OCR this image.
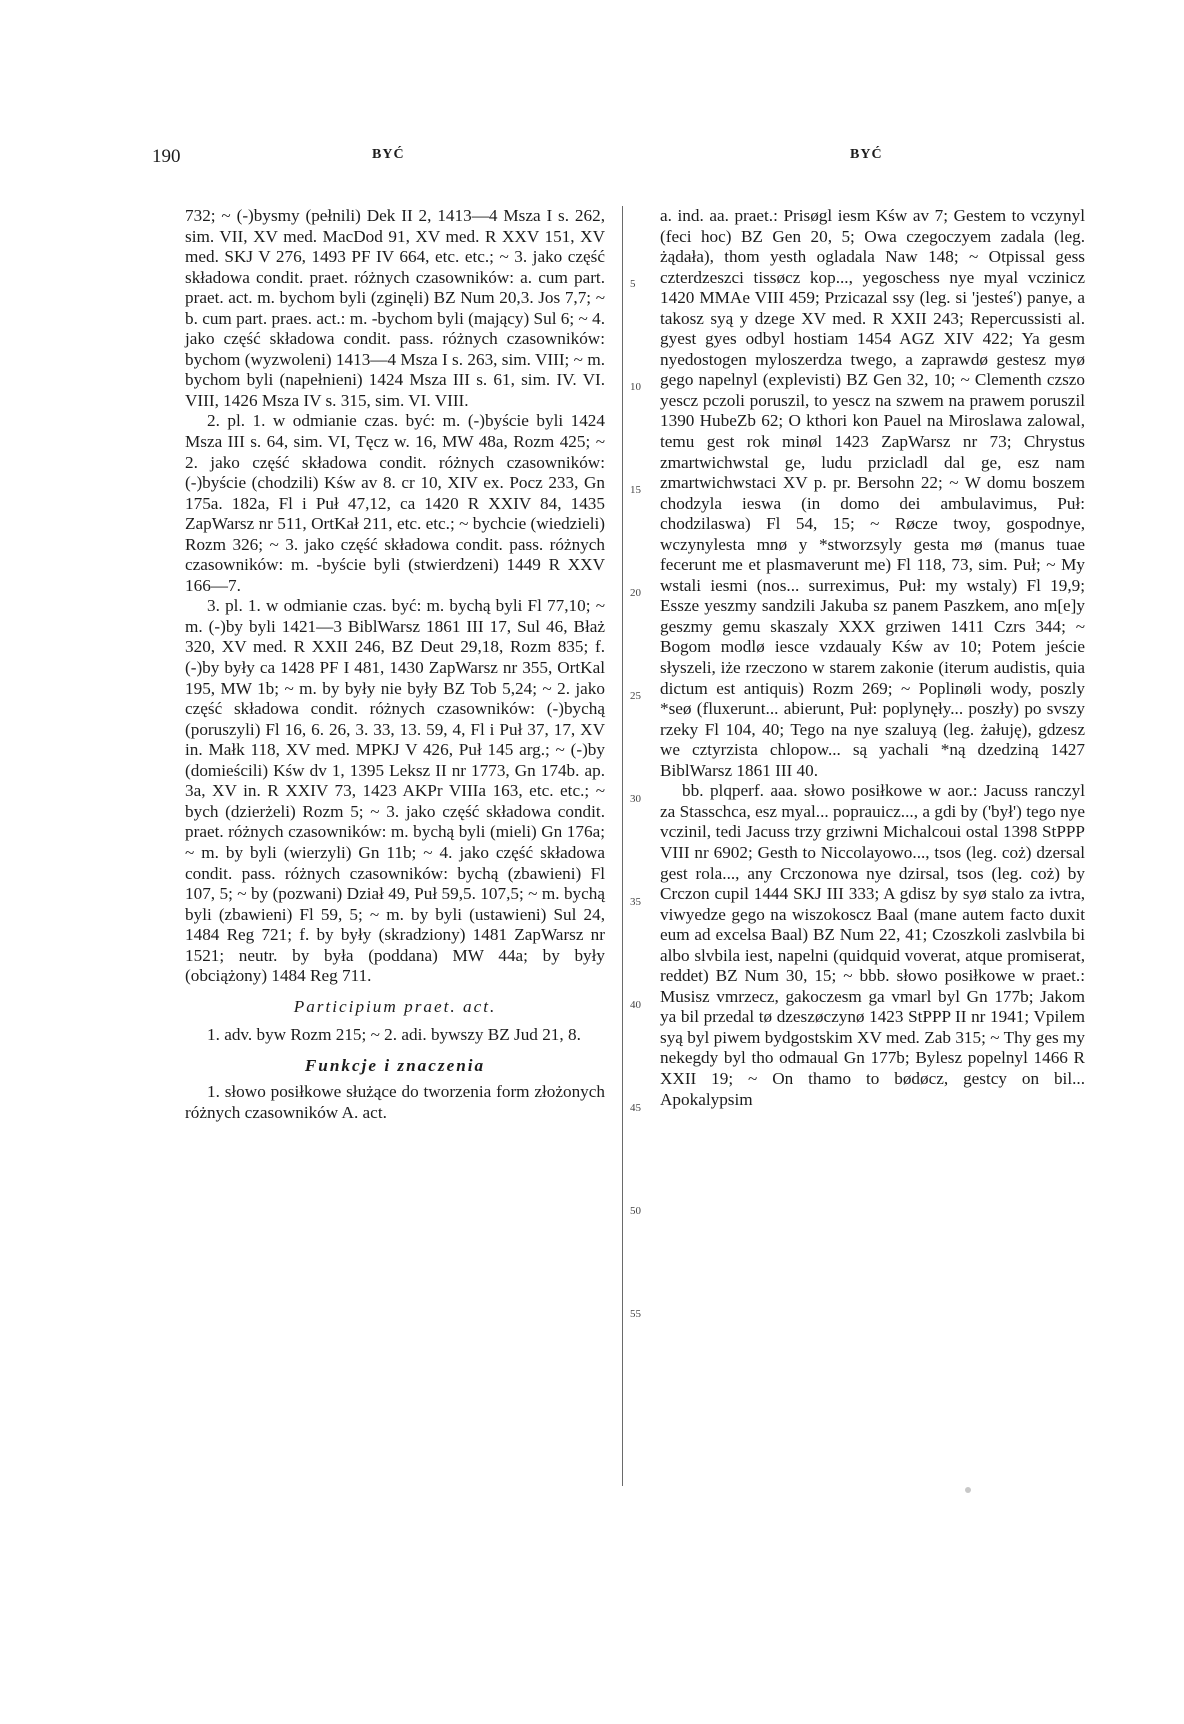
190	BYĆ	BYĆ

732; ~ (-)bysmy (pełnili) Dek II 2, 1413—4 Msza I s. 262, sim. VII, XV med. MacDod 91, XV med. R XXV 151, XV med. SKJ V 276, 1493 PF IV 664, etc. etc.; ~ 3. jako część składowa condit. praet. różnych czasowników: a. cum part. praet. act. m. bychom byli (zginęli) BZ Num 20,3. Jos 7,7; ~ b. cum part. praes. act.: m. -bychom byli (mający) Sul 6; ~ 4. jako część składowa condit. pass. różnych czasowników: bychom (wyzwoleni) 1413—4 Msza I s. 263, sim. VIII; ~ m. bychom byli (napełnieni) 1424 Msza III s. 61, sim. IV. VI. VIII, 1426 Msza IV s. 315, sim. VI. VIII.

2. pl. 1. w odmianie czas. być: m. (-)byście byli 1424 Msza III s. 64, sim. VI, Tęcz w. 16, MW 48a, Rozm 425; ~ 2. jako część składowa condit. różnych czasowników: (-)byście (chodzili) Kśw av 8. cr 10, XIV ex. Pocz 233, Gn 175a. 182a, Fl i Puł 47,12, ca 1420 R XXIV 84, 1435 ZapWarsz nr 511, OrtKał 211, etc. etc.; ~ bychcie (wiedzieli) Rozm 326; ~ 3. jako część składowa condit. pass. różnych czasowników: m. -byście byli (stwierdzeni) 1449 R XXV 166—7.

3. pl. 1. w odmianie czas. być: m. bychą byli Fl 77,10; ~ m. (-)by byli 1421—3 BiblWarsz 1861 III 17, Sul 46, Błaż 320, XV med. R XXII 246, BZ Deut 29,18, Rozm 835; f. (-)by były ca 1428 PF I 481, 1430 ZapWarsz nr 355, OrtKal 195, MW 1b; ~ m. by były nie były BZ Tob 5,24; ~ 2. jako część składowa condit. różnych czasowników: (-)bychą (poruszyli) Fl 16, 6. 26, 3. 33, 13. 59, 4, Fl i Puł 37, 17, XV in. Małk 118, XV med. MPKJ V 426, Puł 145 arg.; ~ (-)by (domieścili) Kśw dv 1, 1395 Leksz II nr 1773, Gn 174b. ap. 3a, XV in. R XXIV 73, 1423 AKPr VIIIa 163, etc. etc.; ~ bych (dzierżeli) Rozm 5; ~ 3. jako część składowa condit. praet. różnych czasowników: m. bychą byli (mieli) Gn 176a; ~ m. by byli (wierzyli) Gn 11b; ~ 4. jako część składowa condit. pass. różnych czasowników: bychą (zbawieni) Fl 107, 5; ~ by (pozwani) Dział 49, Puł 59,5. 107,5; ~ m. bychą byli (zbawieni) Fl 59, 5; ~ m. by byli (ustawieni) Sul 24, 1484 Reg 721; f. by były (skradziony) 1481 ZapWarsz nr 1521; neutr. by była (poddana) MW 44a; by były (obciążony) 1484 Reg 711.

Participium praet. act.

1. adv. byw Rozm 215; ~ 2. adi. bywszy BZ Jud 21, 8.

Funkcje i znaczenia

1. słowo posiłkowe służące do tworzenia form złożonych różnych czasowników A. act.

5
10
15
20
25
30
35
40
45
50
55

a. ind. aa. praet.: Prisøgl iesm Kśw av 7; Gestem to vczynyl (feci hoc) BZ Gen 20, 5; Owa czegoczyem zadala (leg. żądała), thom yesth ogladala Naw 148; ~ Otpissal gess czterdzeszci tissøcz kop..., yegoschess nye myal vczinicz 1420 MMAe VIII 459; Przicazal ssy (leg. si 'jesteś') panye, a takosz syą y dzege XV med. R XXII 243; Repercussisti al. gyest gyes odbyl hostiam 1454 AGZ XIV 422; Ya gesm nyedostogen myloszerdza twego, a zaprawdø gestesz myø gego napelnyl (explevisti) BZ Gen 32, 10; ~ Clementh czszo yescz pczoli poruszil, to yescz na szwem na prawem poruszil 1390 HubeZb 62; O kthori kon Pauel na Miroslawa zalowal, temu gest rok minøl 1423 ZapWarsz nr 73; Chrystus zmartwichwstal ge, ludu przicladl dal ge, esz nam zmartwichwstaci XV p. pr. Bersohn 22; ~ W domu boszem chodzyla ieswa (in domo dei ambulavimus, Puł: chodzilaswa) Fl 54, 15; ~ Røcze twoy, gospodnye, wczynylesta mnø y *stworzsyly gesta mø (manus tuae fecerunt me et plasmaverunt me) Fl 118, 73, sim. Puł; ~ My wstali iesmi (nos... surreximus, Puł: my wstaly) Fl 19,9; Essze yeszmy sandzili Jakuba sz panem Paszkem, ano m[e]y geszmy gemu skaszaly XXX grziwen 1411 Czrs 344; ~ Bogom modlø iesce vzdaualy Kśw av 10; Potem jeście słyszeli, iże rzeczono w starem zakonie (iterum audistis, quia dictum est antiquis) Rozm 269; ~ Poplinøli wody, poszly *seø (fluxerunt... abierunt, Puł: poplynęły... poszły) po svszy rzeky Fl 104, 40; Tego na nye szaluyą (leg. żałuję), gdzesz we cztyrzista chlopow... są yachali *ną dzedziną 1427 BiblWarsz 1861 III 40.

bb. plqperf. aaa. słowo posiłkowe w aor.: Jacuss ranczyl za Stasschca, esz myal... poprauicz..., a gdi by ('był') tego nye vczinil, tedi Jacuss trzy grziwni Michalcoui ostal 1398 StPPP VIII nr 6902; Gesth to Niccolayowo..., tsos (leg. coż) dzersal gest rola..., any Crczonowa nye dzirsal, tsos (leg. coż) by Crczon cupil 1444 SKJ III 333; A gdisz by syø stalo za ivtra, viwyedze gego na wiszokoscz Baal (mane autem facto duxit eum ad excelsa Baal) BZ Num 22, 41; Czoszkoli zaslvbila bi albo slvbila iest, napelni (quidquid voverat, atque promiserat, reddet) BZ Num 30, 15; ~ bbb. słowo posiłkowe w praet.: Musisz vmrzecz, gakoczesm ga vmarl byl Gn 177b; Jakom ya bil przedal tø dzeszøczynø 1423 StPPP II nr 1941; Vpilem syą byl piwem bydgostskim XV med. Zab 315; ~ Thy ges my nekegdy byl tho odmaual Gn 177b; Bylesz popelnyl 1466 R XXII 19; ~ On thamo to bødøcz, gestcy on bil... Apokalypsim
